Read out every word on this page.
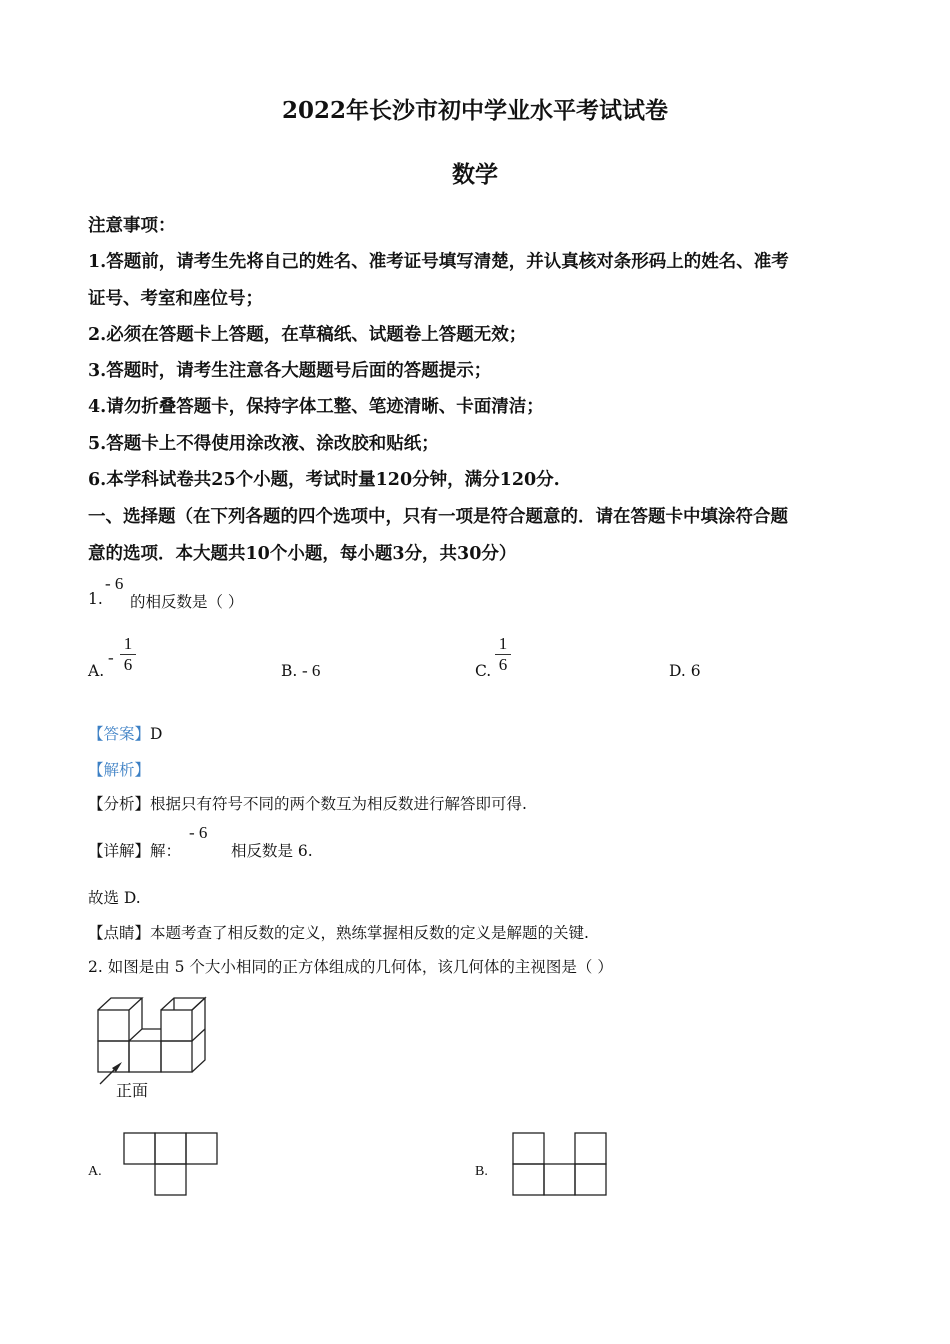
2022年长沙市初中学业水平考试试卷
数学
注意事项：
1.答题前，请考生先将自己的姓名、准考证号填写清楚，并认真核对条形码上的姓名、准考
证号、考室和座位号；
2.必须在答题卡上答题，在草稿纸、试题卷上答题无效；
3.答题时，请考生注意各大题题号后面的答题提示；
4.请勿折叠答题卡，保持字体工整、笔迹清晰、卡面清洁；
5.答题卡上不得使用涂改液、涂改胶和贴纸；
6.本学科试卷共25个小题，考试时量120分钟，满分120分.
一、选择题（在下列各题的四个选项中，只有一项是符合题意的．请在答题卡中填涂符合题
意的选项．本大题共10个小题，每小题3分，共30分）
1.
- 6
的相反数是（ ）
A.
-
1
6	B. - 6	C.
1
6	D. 6
【答案】D
【解析】
【分析】根据只有符号不同的两个数互为相反数进行解答即可得.
【详解】解：
- 6
相反数是 6.
故选 D.
【点睛】本题考查了相反数的定义，熟练掌握相反数的定义是解题的关键.
2. 如图是由 5 个大小相同的正方体组成的几何体，该几何体的主视图是（ ）
正面
A.	B.
